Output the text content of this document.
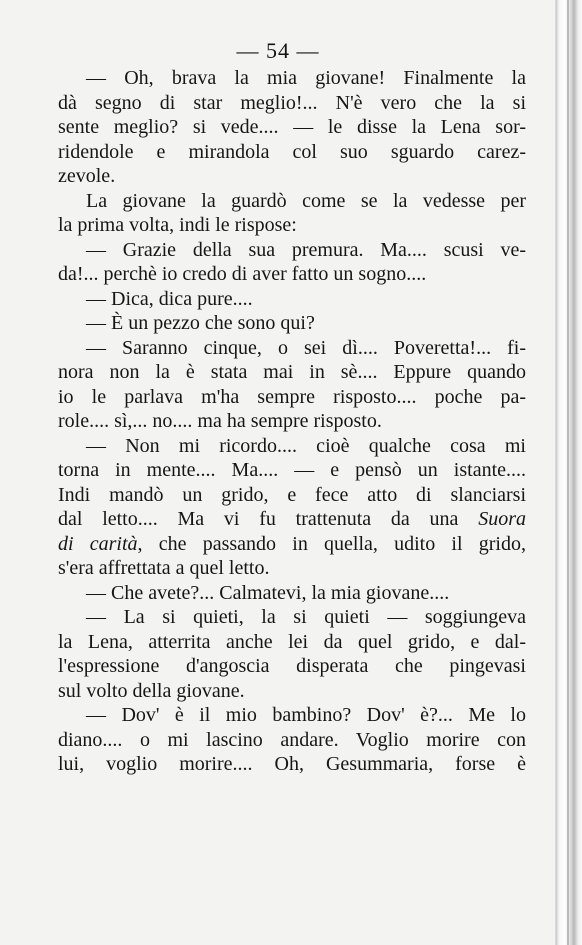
— 54 —
— Oh, brava la mia giovane! Finalmente la
dà segno di star meglio!... N'è vero che la si
sente meglio? si vede.... — le disse la Lena sor-
ridendole e mirandola col suo sguardo carez-
zevole.
La giovane la guardò come se la vedesse per
la prima volta, indi le rispose:
— Grazie della sua premura. Ma.... scusi ve-
da!... perchè io credo di aver fatto un sogno....
— Dica, dica pure....
— È un pezzo che sono qui?
— Saranno cinque, o sei dì.... Poveretta!... fi-
nora non la è stata mai in sè.... Eppure quando
io le parlava m'ha sempre risposto.... poche pa-
role.... sì,... no.... ma ha sempre risposto.
— Non mi ricordo.... cioè qualche cosa mi
torna in mente.... Ma.... — e pensò un istante....
Indi mandò un grido, e fece atto di slanciarsi
dal letto.... Ma vi fu trattenuta da una Suora
di carità, che passando in quella, udito il grido,
s'era affrettata a quel letto.
— Che avete?... Calmatevi, la mia giovane....
— La si quieti, la si quieti — soggiungeva
la Lena, atterrita anche lei da quel grido, e dal-
l'espressione d'angoscia disperata che pingevasi
sul volto della giovane.
— Dov' è il mio bambino? Dov' è?... Me lo
diano.... o mi lascino andare. Voglio morire con
lui, voglio morire.... Oh, Gesummaria, forse è
